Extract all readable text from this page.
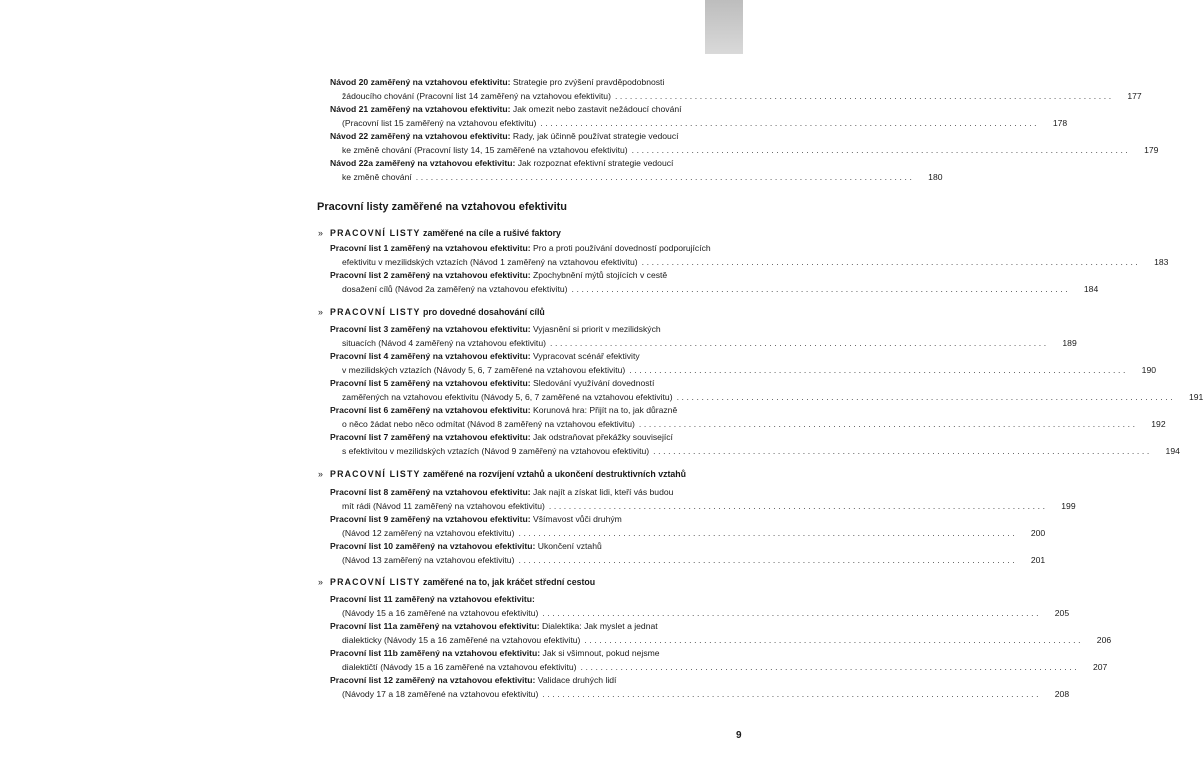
Návod 20 zaměřený na vztahovou efektivitu: Strategie pro zvýšení pravděpodobnosti
žádoucího chování (Pracovní list 14 zaměřený na vztahovou efektivitu) ....................................................................................................	177
Návod 21 zaměřený na vztahovou efektivitu: Jak omezit nebo zastavit nežádoucí chování
(Pracovní list 15 zaměřený na vztahovou efektivitu) ....................................................................................................	178
Návod 22 zaměřený na vztahovou efektivitu: Rady, jak účinně používat strategie vedoucí
ke změně chování (Pracovní listy 14, 15 zaměřené na vztahovou efektivitu) ....................................................................................................	179
Návod 22a zaměřený na vztahovou efektivitu: Jak rozpoznat efektivní strategie vedoucí
ke změně chování ....................................................................................................	180
Pracovní listy zaměřené na vztahovou efektivitu
» PRACOVNÍ LISTY zaměřené na cíle a rušivé faktory
Pracovní list 1 zaměřený na vztahovou efektivitu: Pro a proti používání dovedností podporujících
efektivitu v mezilidských vztazích (Návod 1 zaměřený na vztahovou efektivitu) ....................................................................................................	183
Pracovní list 2 zaměřený na vztahovou efektivitu: Zpochybnění mýtů stojících v cestě
dosažení cílů (Návod 2a zaměřený na vztahovou efektivitu) ....................................................................................................	184
» PRACOVNÍ LISTY pro dovedné dosahování cílů
Pracovní list 3 zaměřený na vztahovou efektivitu: Vyjasnění si priorit v mezilidských
situacích (Návod 4 zaměřený na vztahovou efektivitu) ....................................................................................................	189
Pracovní list 4 zaměřený na vztahovou efektivitu: Vypracovat scénář efektivity
v mezilidských vztazích (Návody 5, 6, 7 zaměřené na vztahovou efektivitu) ....................................................................................................	190
Pracovní list 5 zaměřený na vztahovou efektivitu: Sledování využívání dovedností
zaměřených na vztahovou efektivitu (Návody 5, 6, 7 zaměřené na vztahovou efektivitu) ....................................................................................................	191
Pracovní list 6 zaměřený na vztahovou efektivitu: Korunová hra: Přijít na to, jak důrazně
o něco žádat nebo něco odmítat (Návod 8 zaměřený na vztahovou efektivitu) ....................................................................................................	192
Pracovní list 7 zaměřený na vztahovou efektivitu: Jak odstraňovat překážky související
s efektivitou v mezilidských vztazích (Návod 9 zaměřený na vztahovou efektivitu) ....................................................................................................	194
» PRACOVNÍ LISTY zaměřené na rozvíjení vztahů a ukončení destruktivních vztahů
Pracovní list 8 zaměřený na vztahovou efektivitu: Jak najít a získat lidi, kteří vás budou
mít rádi (Návod 11 zaměřený na vztahovou efektivitu) ....................................................................................................	199
Pracovní list 9 zaměřený na vztahovou efektivitu: Všímavost vůči druhým
(Návod 12 zaměřený na vztahovou efektivitu) ....................................................................................................	200
Pracovní list 10 zaměřený na vztahovou efektivitu: Ukončení vztahů
(Návod 13 zaměřený na vztahovou efektivitu) ....................................................................................................	201
» PRACOVNÍ LISTY zaměřené na to, jak kráčet střední cestou
Pracovní list 11 zaměřený na vztahovou efektivitu:
(Návody 15 a 16 zaměřené na vztahovou efektivitu) ....................................................................................................	205
Pracovní list 11a zaměřený na vztahovou efektivitu: Dialektika: Jak myslet a jednat
dialekticky (Návody 15 a 16 zaměřené na vztahovou efektivitu) ....................................................................................................	206
Pracovní list 11b zaměřený na vztahovou efektivitu: Jak si všimnout, pokud nejsme
dialektičtí (Návody 15 a 16 zaměřené na vztahovou efektivitu) ....................................................................................................	207
Pracovní list 12 zaměřený na vztahovou efektivitu: Validace druhých lidí
(Návody 17 a 18 zaměřené na vztahovou efektivitu) ....................................................................................................	208
9
